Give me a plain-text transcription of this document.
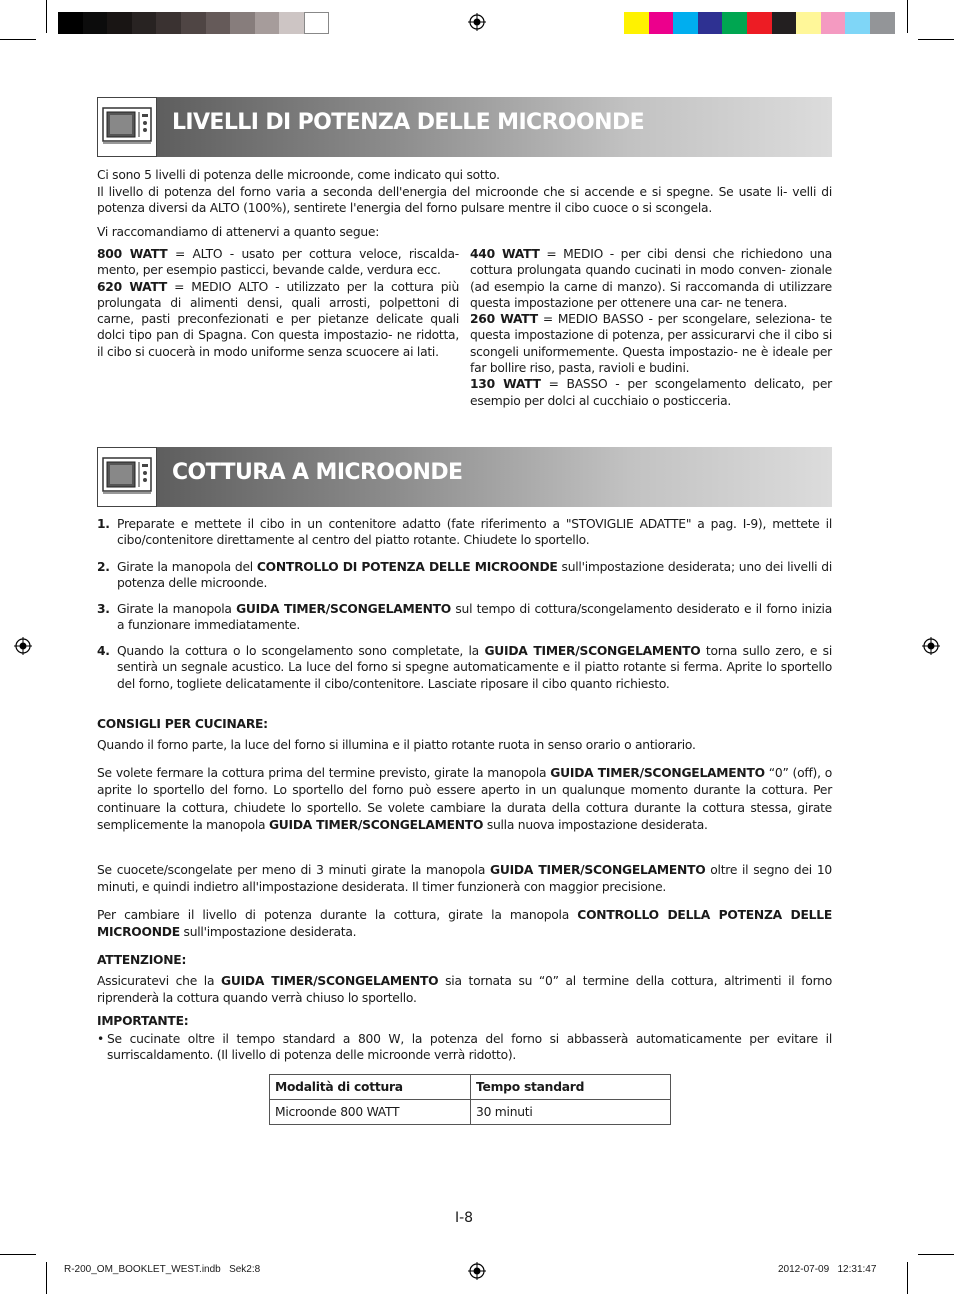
LIVELLI DI POTENZA DELLE MICROONDE
Ci sono 5 livelli di potenza delle microonde, come indicato qui sotto.
Il livello di potenza del forno varia a seconda dell'energia del microonde che si accende e si spegne. Se usate li- velli di potenza diversi da ALTO (100%), sentirete l'energia del forno pulsare mentre il cibo cuoce o si scongela.
Vi raccomandiamo di attenervi a quanto segue:
800 WATT = ALTO - usato per cottura veloce, riscalda- mento, per esempio pasticci, bevande calde, verdura ecc.
620 WATT = MEDIO ALTO - utilizzato per la cottura più prolungata di alimenti densi, quali arrosti, polpettoni di carne, pasti preconfezionati e per pietanze delicate quali dolci tipo pan di Spagna. Con questa impostazio- ne ridotta, il cibo si cuocerà in modo uniforme senza scuocere ai lati.
440 WATT = MEDIO - per cibi densi che richiedono una cottura prolungata quando cucinati in modo conven- zionale (ad esempio la carne di manzo). Si raccomanda di utilizzare questa impostazione per ottenere una car- ne tenera.
260 WATT = MEDIO BASSO - per scongelare, seleziona- te questa impostazione di potenza, per assicurarvi che il cibo si scongeli uniformemente. Questa impostazio- ne è ideale per far bollire riso, pasta, ravioli e budini.
130 WATT = BASSO - per scongelamento delicato, per esempio per dolci al cucchiaio o posticceria.
COTTURA A MICROONDE
1. Preparate e mettete il cibo in un contenitore adatto (fate riferimento a "STOVIGLIE ADATTE" a pag. I-9), mettete il cibo/contenitore direttamente al centro del piatto rotante. Chiudete lo sportello.
2. Girate la manopola del CONTROLLO DI POTENZA DELLE MICROONDE sull'impostazione desiderata; uno dei livelli di potenza delle microonde.
3. Girate la manopola GUIDA TIMER/SCONGELAMENTO sul tempo di cottura/scongelamento desiderato e il forno inizia a funzionare immediatamente.
4. Quando la cottura o lo scongelamento sono completate, la GUIDA TIMER/SCONGELAMENTO torna sullo zero, e si sentirà un segnale acustico. La luce del forno si spegne automaticamente e il piatto rotante si ferma. Aprite lo sportello del forno, togliete delicatamente il cibo/contenitore. Lasciate riposare il cibo quanto richiesto.
CONSIGLI PER CUCINARE:
Quando il forno parte, la luce del forno si illumina e il piatto rotante ruota in senso orario o antiorario.
Se volete fermare la cottura prima del termine previsto, girate la manopola GUIDA TIMER/SCONGELAMENTO “0” (off), o aprite lo sportello del forno. Lo sportello del forno può essere aperto in un qualunque momento durante la cottura. Per continuare la cottura, chiudete lo sportello. Se volete cambiare la durata della cottura durante la cottura stessa, girate semplicemente la manopola GUIDA TIMER/SCONGELAMENTO sulla nuova impostazione desiderata.
Se cuocete/scongelate per meno di 3 minuti girate la manopola GUIDA TIMER/SCONGELAMENTO oltre il segno dei 10 minuti, e quindi indietro all'impostazione desiderata. Il timer funzionerà con maggior precisione.
Per cambiare il livello di potenza durante la cottura, girate la manopola CONTROLLO DELLA POTENZA DELLE MICROONDE sull'impostazione desiderata.
ATTENZIONE:
Assicuratevi che la GUIDA TIMER/SCONGELAMENTO sia tornata su “0” al termine della cottura, altrimenti il forno riprenderà la cottura quando verrà chiuso lo sportello.
IMPORTANTE:
• Se cucinate oltre il tempo standard a 800 W, la potenza del forno si abbasserà automaticamente per evitare il surriscaldamento. (Il livello di potenza delle microonde verrà ridotto).
Modalità di cottura	Tempo standard
Microonde 800 WATT	30 minuti
I-8
R-200_OM_BOOKLET_WEST.indb   Sek2:8	2012-07-09   12:31:47
